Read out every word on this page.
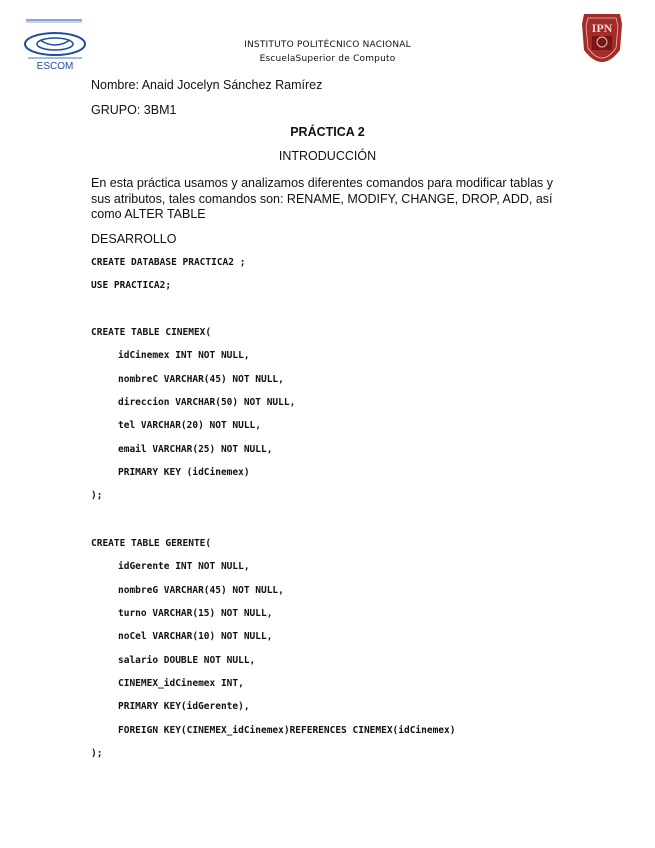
ESCOM
IPN
INSTITUTO POLITÉCNICO NACIONAL
EscuelaSuperior de Computo
Nombre: Anaid Jocelyn Sánchez Ramírez
GRUPO: 3BM1
PRÁCTICA 2
INTRODUCCIÓN
En esta práctica usamos y analizamos diferentes comandos para modificar tablas y sus atributos, tales comandos son: RENAME, MODIFY, CHANGE, DROP, ADD, así como ALTER TABLE
DESARROLLO
CREATE DATABASE PRACTICA2 ;
USE PRACTICA2;
CREATE TABLE CINEMEX(
idCinemex INT NOT NULL,
nombreC VARCHAR(45) NOT NULL,
direccion VARCHAR(50) NOT NULL,
tel VARCHAR(20) NOT NULL,
email VARCHAR(25) NOT NULL,
PRIMARY KEY (idCinemex)
);
CREATE TABLE GERENTE(
idGerente INT NOT NULL,
nombreG VARCHAR(45) NOT NULL,
turno VARCHAR(15) NOT NULL,
noCel VARCHAR(10) NOT NULL,
salario DOUBLE NOT NULL,
CINEMEX_idCinemex INT,
PRIMARY KEY(idGerente),
FOREIGN KEY(CINEMEX_idCinemex)REFERENCES CINEMEX(idCinemex)
);
